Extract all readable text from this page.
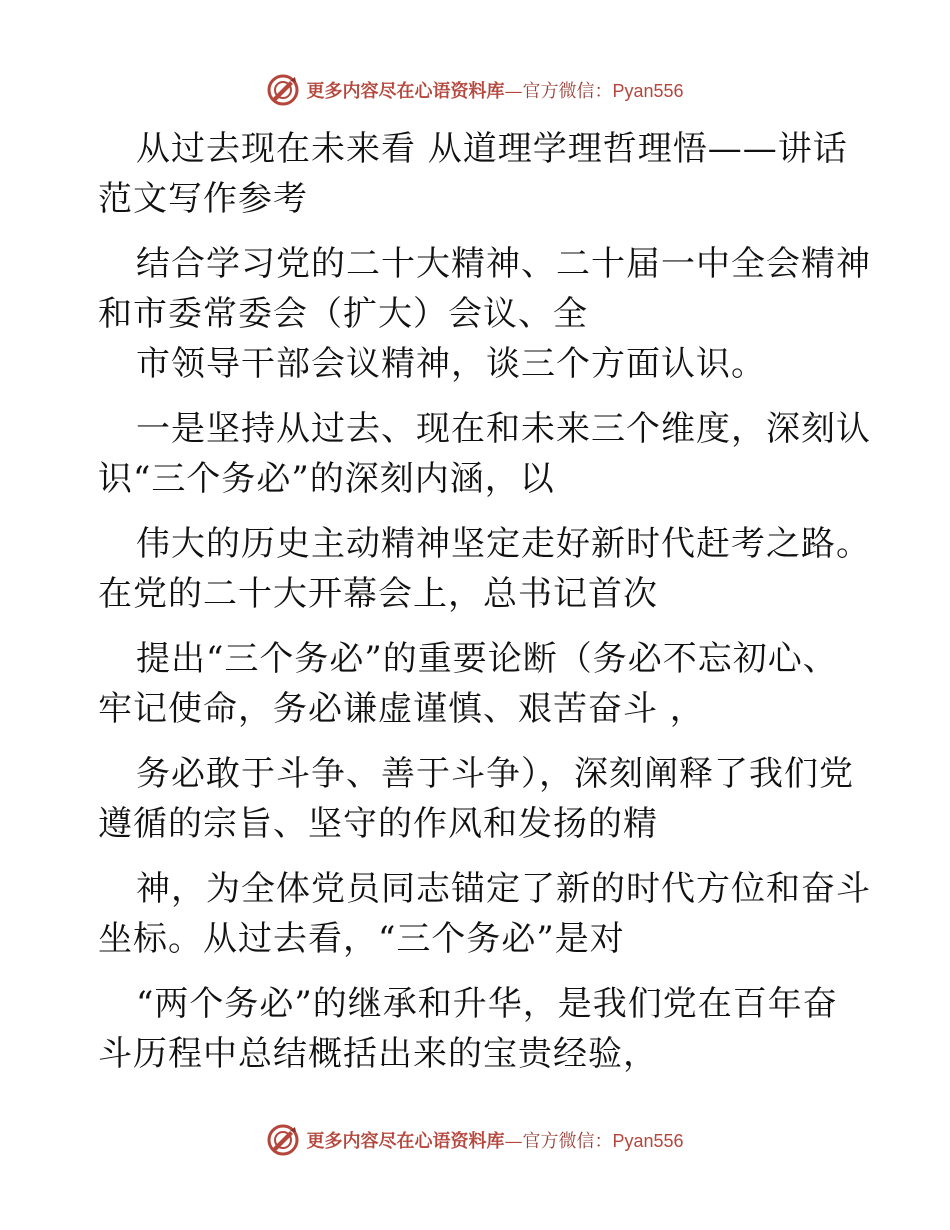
更多内容尽在心语资料库 — 官方微信： Pyan556

从过去现在未来看 从道理学理哲理悟——讲话

范文写作参考

结合学习党的二十大精神、二十届一中全会精神

和市委常委会（扩大）会议、全

市领导干部会议精神，谈三个方面认识。

一是坚持从过去、现在和未来三个维度，深刻认

识“三个务必”的深刻内涵，以

伟大的历史主动精神坚定走好新时代赶考之路。

在党的二十大开幕会上，总书记首次

提出“三个务必”的重要论断（务必不忘初心、

牢记使命，务必谦虚谨慎、艰苦奋斗 ，

务必敢于斗争、善于斗争），深刻阐释了我们党

遵循的宗旨、坚守的作风和发扬的精

神，为全体党员同志锚定了新的时代方位和奋斗

坐标。从过去看，“三个务必”是对

“两个务必”的继承和升华，是我们党在百年奋

斗历程中总结概括出来的宝贵经验，

更多内容尽在心语资料库 — 官方微信： Pyan556
